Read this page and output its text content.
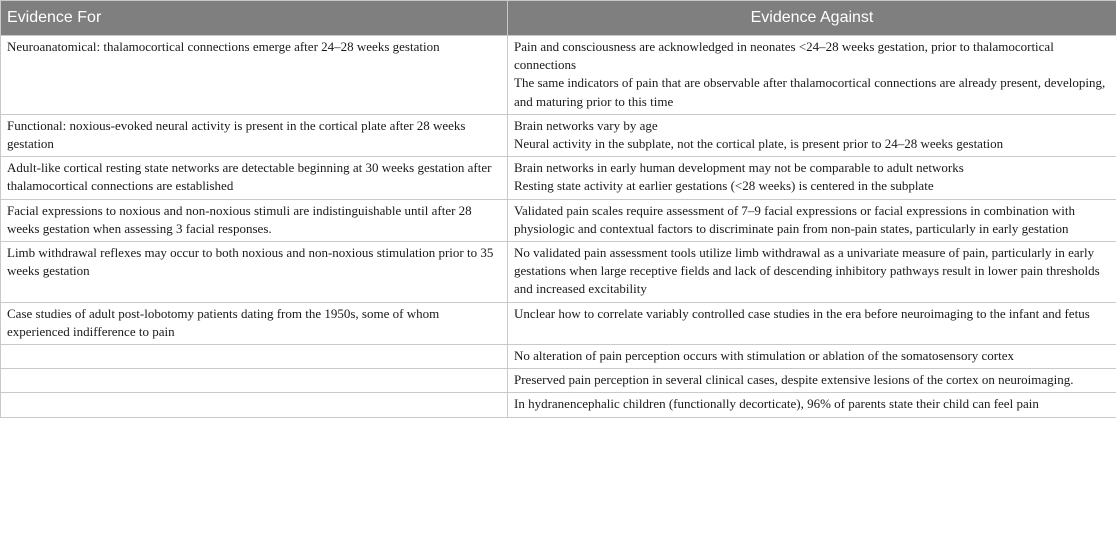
Evidence For	Evidence Against

Neuroanatomical: thalamocortical connections emerge after 24–28 weeks gestation	Pain and consciousness are acknowledged in neonates <24–28 weeks gestation, prior to thalamocortical connections
The same indicators of pain that are observable after thalamocortical connections are already present, developing, and maturing prior to this time

Functional: noxious-evoked neural activity is present in the cortical plate after 28 weeks gestation	Brain networks vary by age
Neural activity in the subplate, not the cortical plate, is present prior to 24–28 weeks gestation

Adult-like cortical resting state networks are detectable beginning at 30 weeks gestation after thalamocortical connections are established	Brain networks in early human development may not be comparable to adult networks
Resting state activity at earlier gestations (<28 weeks) is centered in the subplate

Facial expressions to noxious and non-noxious stimuli are indistinguishable until after 28 weeks gestation when assessing 3 facial responses.	Validated pain scales require assessment of 7–9 facial expressions or facial expressions in combination with physiologic and contextual factors to discriminate pain from non-pain states, particularly in early gestation

Limb withdrawal reflexes may occur to both noxious and non-noxious stimulation prior to 35 weeks gestation	No validated pain assessment tools utilize limb withdrawal as a univariate measure of pain, particularly in early gestations when large receptive fields and lack of descending inhibitory pathways result in lower pain thresholds and increased excitability

Case studies of adult post-lobotomy patients dating from the 1950s, some of whom experienced indifference to pain	Unclear how to correlate variably controlled case studies in the era before neuroimaging to the infant and fetus

	No alteration of pain perception occurs with stimulation or ablation of the somatosensory cortex

	Preserved pain perception in several clinical cases, despite extensive lesions of the cortex on neuroimaging.

	In hydranencephalic children (functionally decorticate), 96% of parents state their child can feel pain
